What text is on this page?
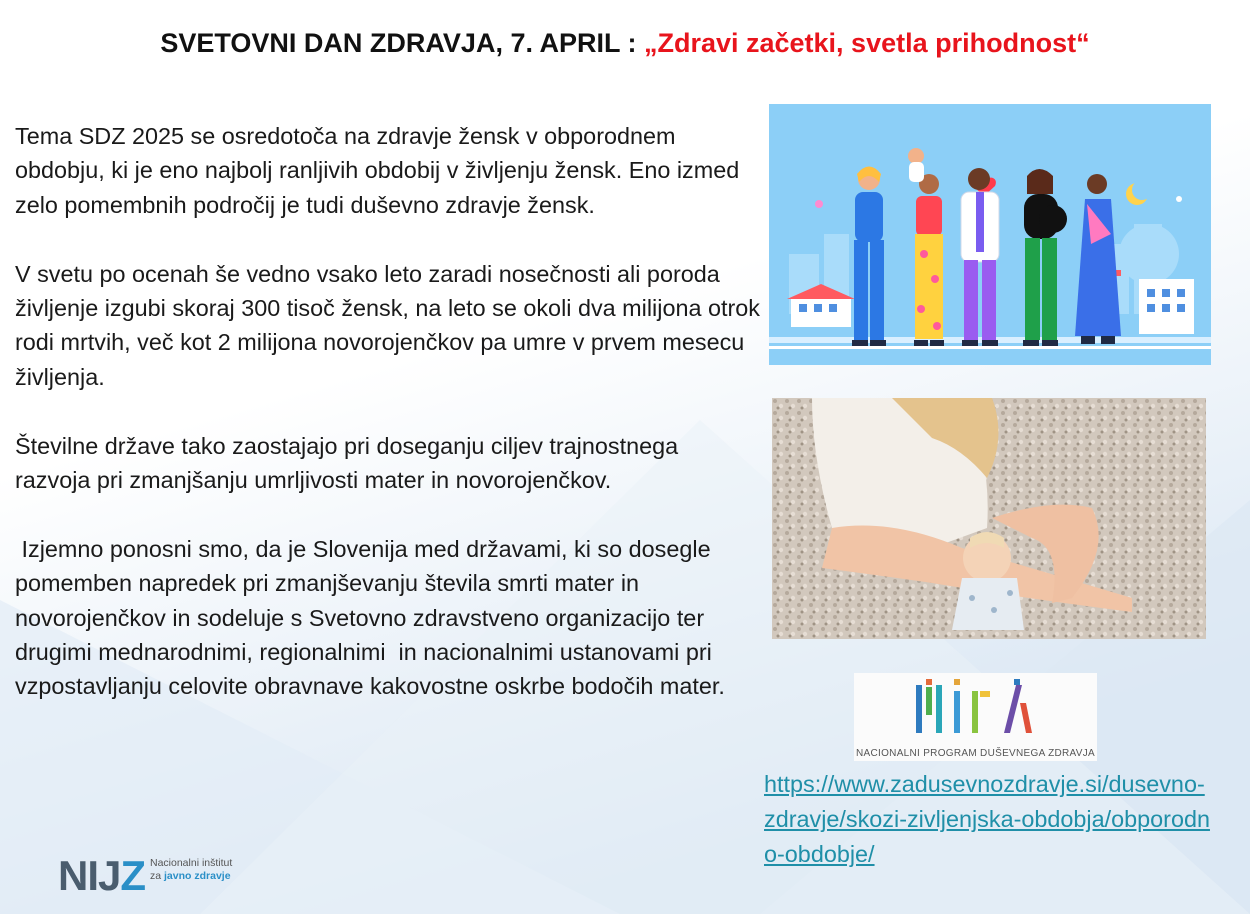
SVETOVNI DAN ZDRAVJA, 7. APRIL : „Zdravi začetki, svetla prihodnost“

Tema SDZ 2025 se osredotoča na zdravje žensk v obporodnem obdobju, ki je eno najbolj ranljivih obdobij v življenju žensk. Eno izmed zelo pomembnih področij je tudi duševno zdravje žensk.

V svetu po ocenah še vedno vsako leto zaradi nosečnosti ali poroda življenje izgubi skoraj 300 tisoč žensk, na leto se okoli dva milijona otrok rodi mrtvih, več kot 2 milijona novorojenčkov pa umre v prvem mesecu življenja.

Številne države tako zaostajajo pri doseganju ciljev trajnostnega razvoja pri zmanjšanju umrljivosti mater in novorojenčkov.

Izjemno ponosni smo, da je Slovenija med državami, ki so dosegle pomemben napredek pri zmanjševanju števila smrti mater in novorojenčkov in sodeluje s Svetovno zdravstveno organizacijo ter drugimi mednarodnimi, regionalnimi  in nacionalnimi ustanovami pri vzpostavljanju celovite obravnave kakovostne oskrbe bodočih mater.

NACIONALNI PROGRAM DUŠEVNEGA ZDRAVJA
https://www.zadusevnozdravje.si/dusevno-zdravje/skozi-zivljenjska-obdobja/obporodno-obdobje/
NIJZ Nacionalni inštitut
za javno zdravje
